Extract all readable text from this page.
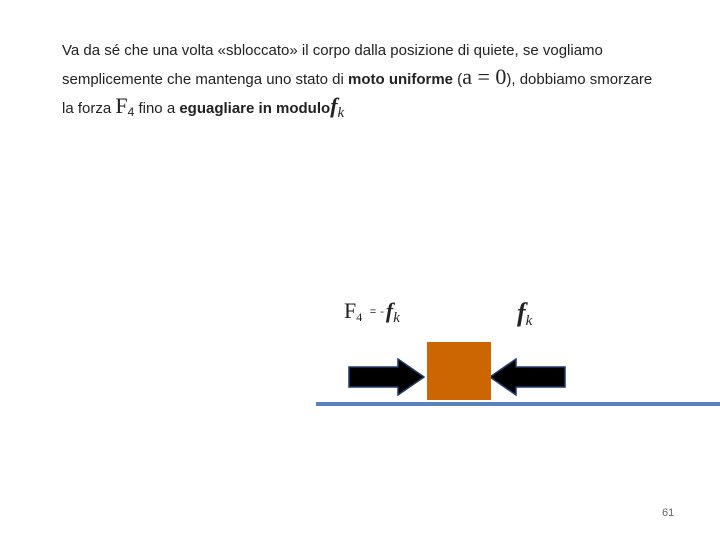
Va da sé che una volta «sbloccato» il corpo dalla posizione di quiete, se vogliamo
semplicemente che mantenga uno stato di moto uniforme (a = 0), dobbiamo smorzare
la forza $F_4$ fino a eguagliare in modulofk
F4 = -fk	fk
61
